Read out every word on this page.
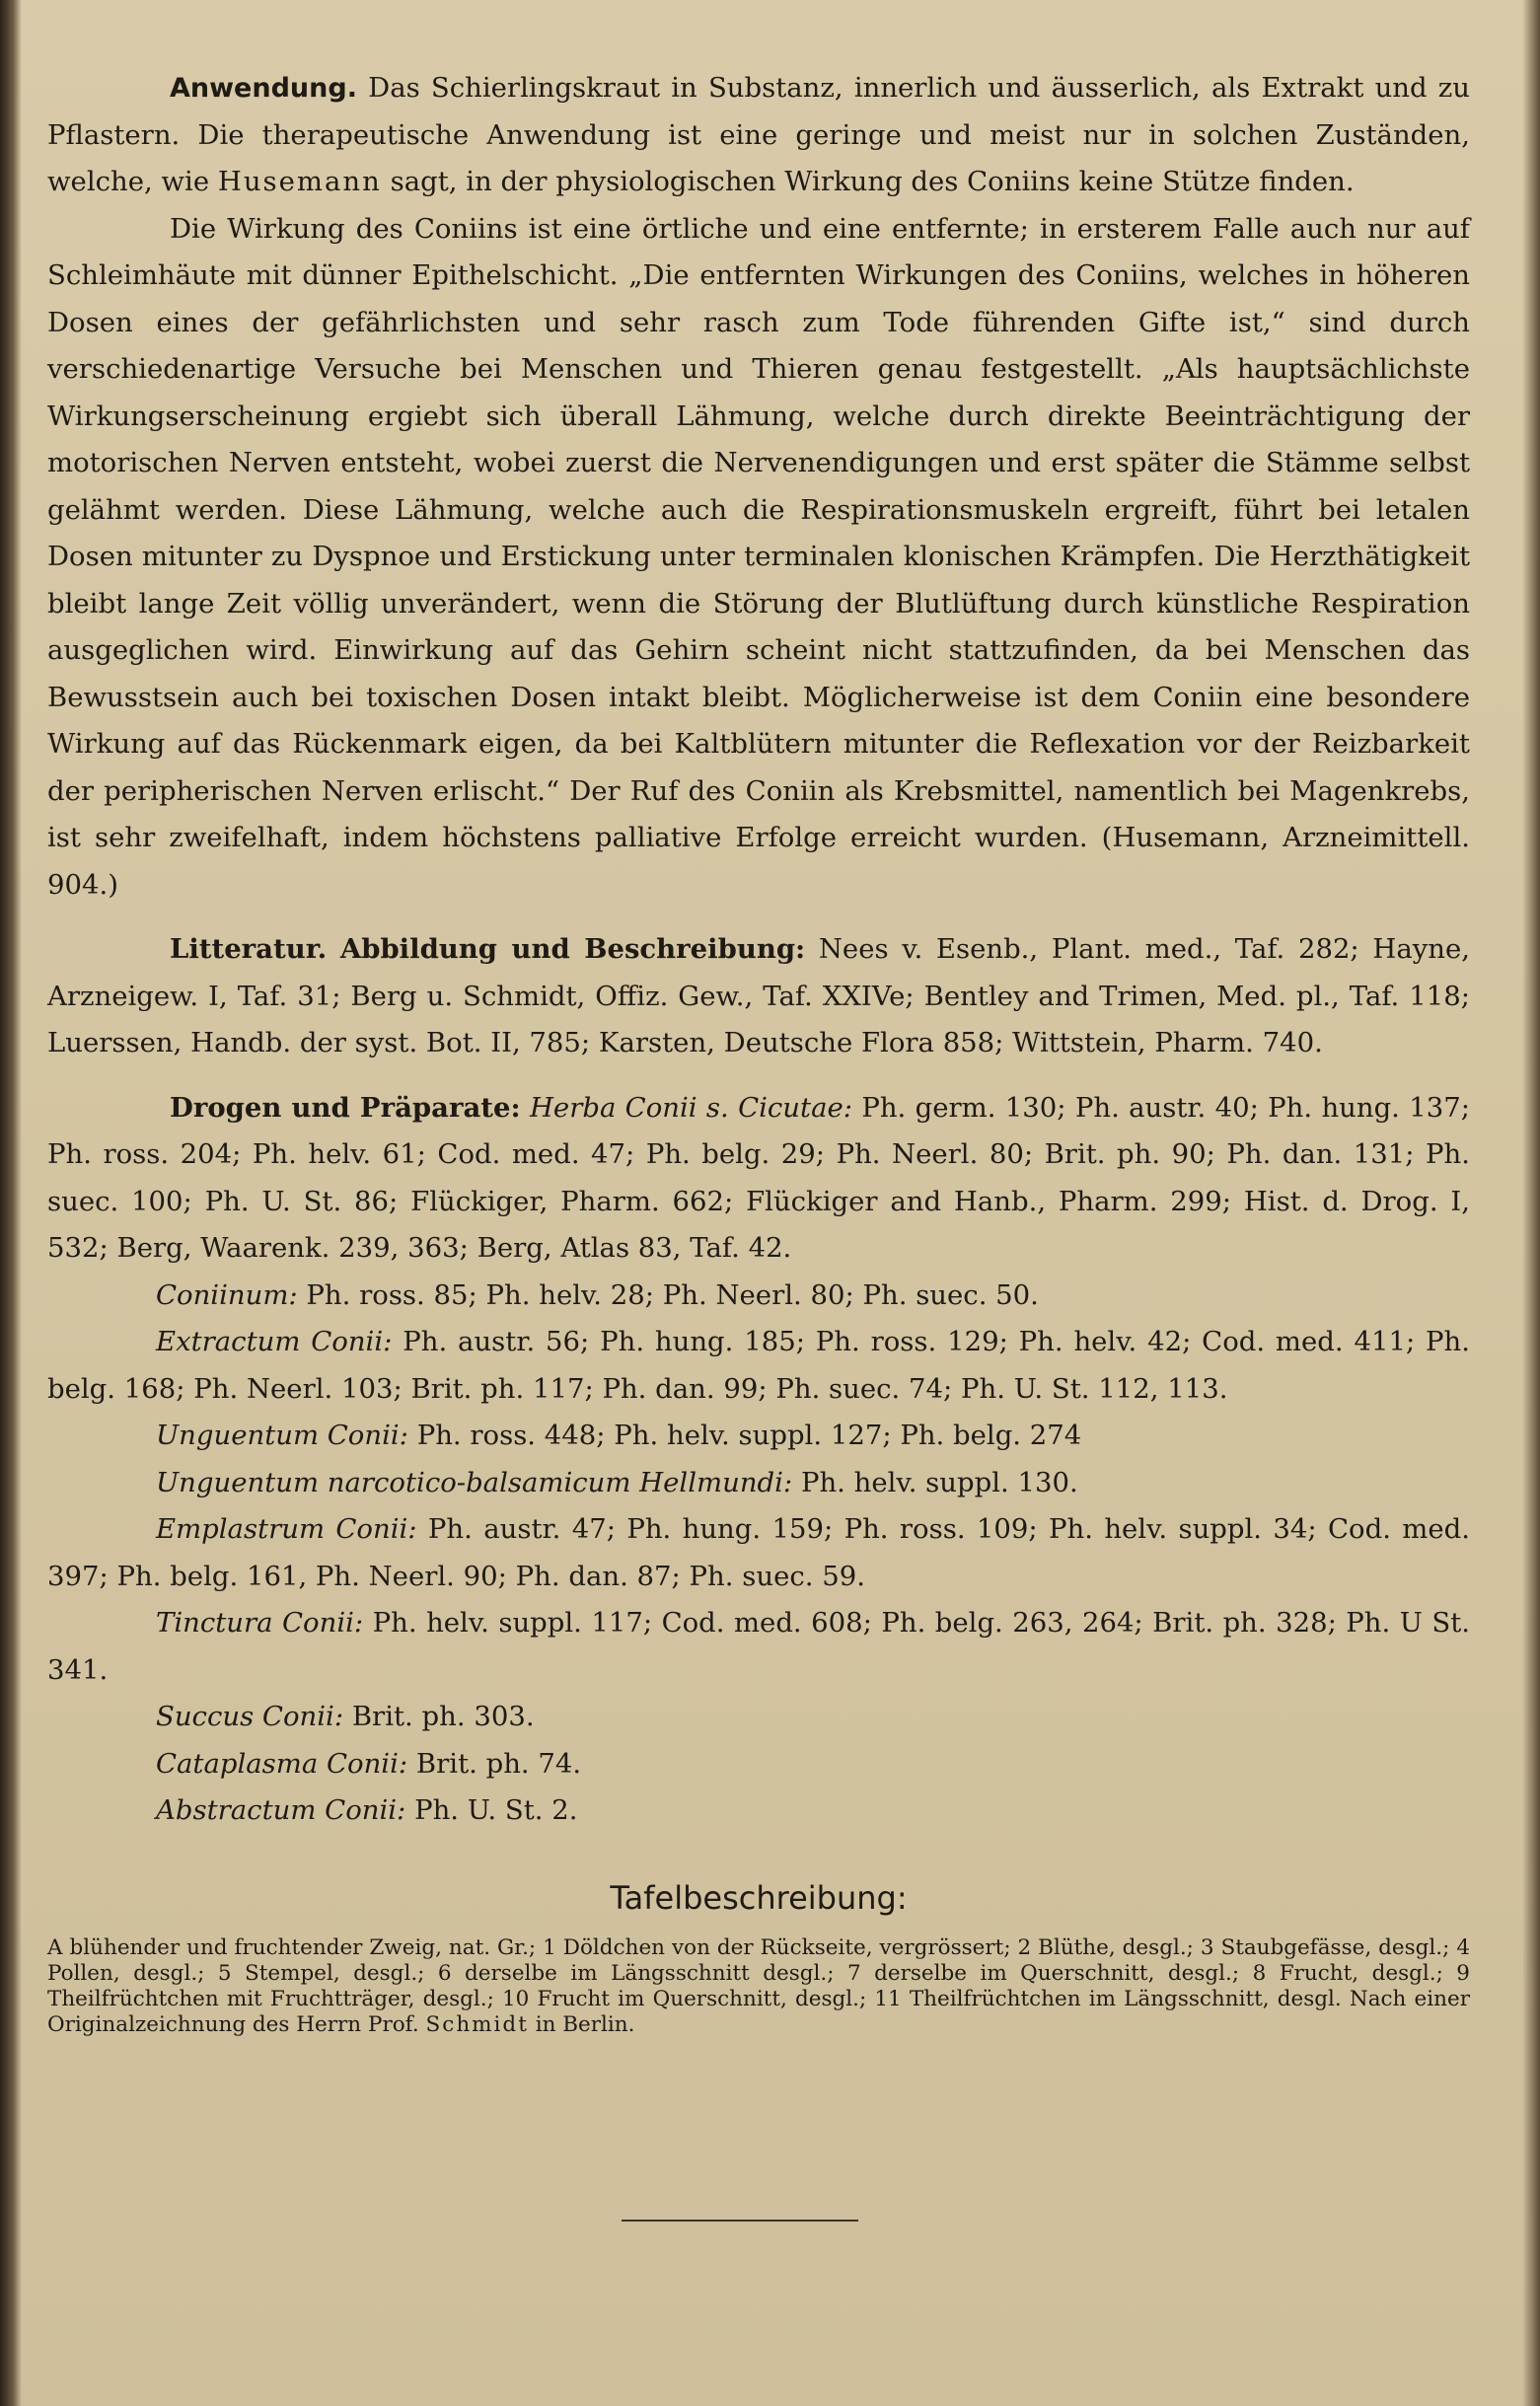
Anwendung. Das Schierlingskraut in Substanz, innerlich und äusserlich, als Extrakt und zu Pflastern. Die therapeutische Anwendung ist eine geringe und meist nur in solchen Zuständen, welche, wie Husemann sagt, in der physiologischen Wirkung des Coniins keine Stütze finden.

Die Wirkung des Coniins ist eine örtliche und eine entfernte; in ersterem Falle auch nur auf Schleimhäute mit dünner Epithelschicht. „Die entfernten Wirkungen des Coniins, welches in höheren Dosen eines der gefährlichsten und sehr rasch zum Tode führenden Gifte ist,“ sind durch verschiedenartige Versuche bei Menschen und Thieren genau festgestellt. „Als hauptsächlichste Wirkungserscheinung ergiebt sich überall Lähmung, welche durch direkte Beeinträchtigung der motorischen Nerven entsteht, wobei zuerst die Nervenendigungen und erst später die Stämme selbst gelähmt werden. Diese Lähmung, welche auch die Respirationsmuskeln ergreift, führt bei letalen Dosen mitunter zu Dyspnoe und Erstickung unter terminalen klonischen Krämpfen. Die Herzthätigkeit bleibt lange Zeit völlig unverändert, wenn die Störung der Blutlüftung durch künstliche Respiration ausgeglichen wird. Einwirkung auf das Gehirn scheint nicht stattzufinden, da bei Menschen das Bewusstsein auch bei toxischen Dosen intakt bleibt. Möglicherweise ist dem Coniin eine besondere Wirkung auf das Rückenmark eigen, da bei Kaltblütern mitunter die Reflexation vor der Reizbarkeit der peripherischen Nerven erlischt.“ Der Ruf des Coniin als Krebsmittel, namentlich bei Magenkrebs, ist sehr zweifelhaft, indem höchstens palliative Erfolge erreicht wurden. (Husemann, Arzneimittell. 904.)

Litteratur. Abbildung und Beschreibung: Nees v. Esenb., Plant. med., Taf. 282; Hayne, Arzneigew. I, Taf. 31; Berg u. Schmidt, Offiz. Gew., Taf. XXIVe; Bentley and Trimen, Med. pl., Taf. 118; Luerssen, Handb. der syst. Bot. II, 785; Karsten, Deutsche Flora 858; Wittstein, Pharm. 740.

Drogen und Präparate: Herba Conii s. Cicutae: Ph. germ. 130; Ph. austr. 40; Ph. hung. 137; Ph. ross. 204; Ph. helv. 61; Cod. med. 47; Ph. belg. 29; Ph. Neerl. 80; Brit. ph. 90; Ph. dan. 131; Ph. suec. 100; Ph. U. St. 86; Flückiger, Pharm. 662; Flückiger and Hanb., Pharm. 299; Hist. d. Drog. I, 532; Berg, Waarenk. 239, 363; Berg, Atlas 83, Taf. 42.

Coniinum: Ph. ross. 85; Ph. helv. 28; Ph. Neerl. 80; Ph. suec. 50.

Extractum Conii: Ph. austr. 56; Ph. hung. 185; Ph. ross. 129; Ph. helv. 42; Cod. med. 411; Ph. belg. 168; Ph. Neerl. 103; Brit. ph. 117; Ph. dan. 99; Ph. suec. 74; Ph. U. St. 112, 113.

Unguentum Conii: Ph. ross. 448; Ph. helv. suppl. 127; Ph. belg. 274

Unguentum narcotico-balsamicum Hellmundi: Ph. helv. suppl. 130.

Emplastrum Conii: Ph. austr. 47; Ph. hung. 159; Ph. ross. 109; Ph. helv. suppl. 34; Cod. med. 397; Ph. belg. 161, Ph. Neerl. 90; Ph. dan. 87; Ph. suec. 59.

Tinctura Conii: Ph. helv. suppl. 117; Cod. med. 608; Ph. belg. 263, 264; Brit. ph. 328; Ph. U St. 341.

Succus Conii: Brit. ph. 303.

Cataplasma Conii: Brit. ph. 74.

Abstractum Conii: Ph. U. St. 2.

Tafelbeschreibung:

A blühender und fruchtender Zweig, nat. Gr.; 1 Döldchen von der Rückseite, vergrössert; 2 Blüthe, desgl.; 3 Staubgefässe, desgl.; 4 Pollen, desgl.; 5 Stempel, desgl.; 6 derselbe im Längsschnitt desgl.; 7 derselbe im Querschnitt, desgl.; 8 Frucht, desgl.; 9 Theilfrüchtchen mit Fruchtträger, desgl.; 10 Frucht im Querschnitt, desgl.; 11 Theilfrüchtchen im Längsschnitt, desgl. Nach einer Originalzeichnung des Herrn Prof. Schmidt in Berlin.
